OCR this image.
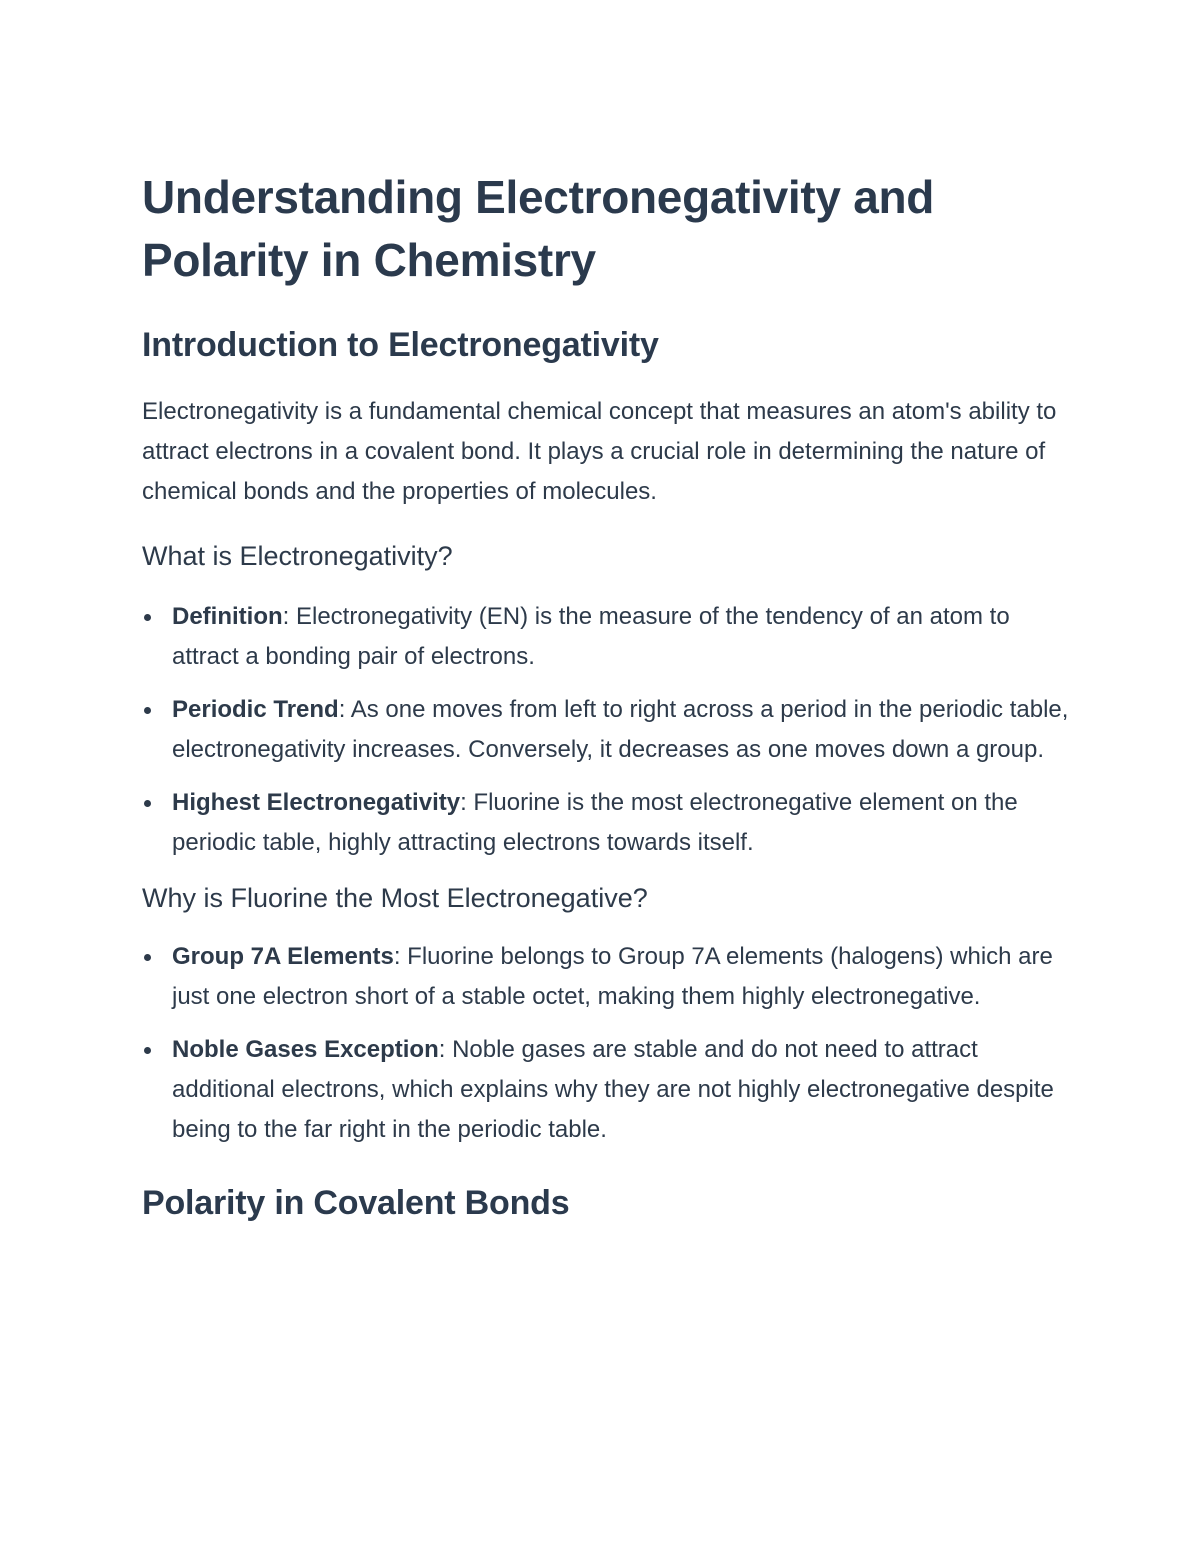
Understanding Electronegativity and Polarity in Chemistry
Introduction to Electronegativity

Electronegativity is a fundamental chemical concept that measures an atom's ability to attract electrons in a covalent bond. It plays a crucial role in determining the nature of chemical bonds and the properties of molecules.

What is Electronegativity?
Definition: Electronegativity (EN) is the measure of the tendency of an atom to attract a bonding pair of electrons.
Periodic Trend: As one moves from left to right across a period in the periodic table, electronegativity increases. Conversely, it decreases as one moves down a group.
Highest Electronegativity: Fluorine is the most electronegative element on the periodic table, highly attracting electrons towards itself.
Why is Fluorine the Most Electronegative?
Group 7A Elements: Fluorine belongs to Group 7A elements (halogens) which are just one electron short of a stable octet, making them highly electronegative.
Noble Gases Exception: Noble gases are stable and do not need to attract additional electrons, which explains why they are not highly electronegative despite being to the far right in the periodic table.
Polarity in Covalent Bonds
